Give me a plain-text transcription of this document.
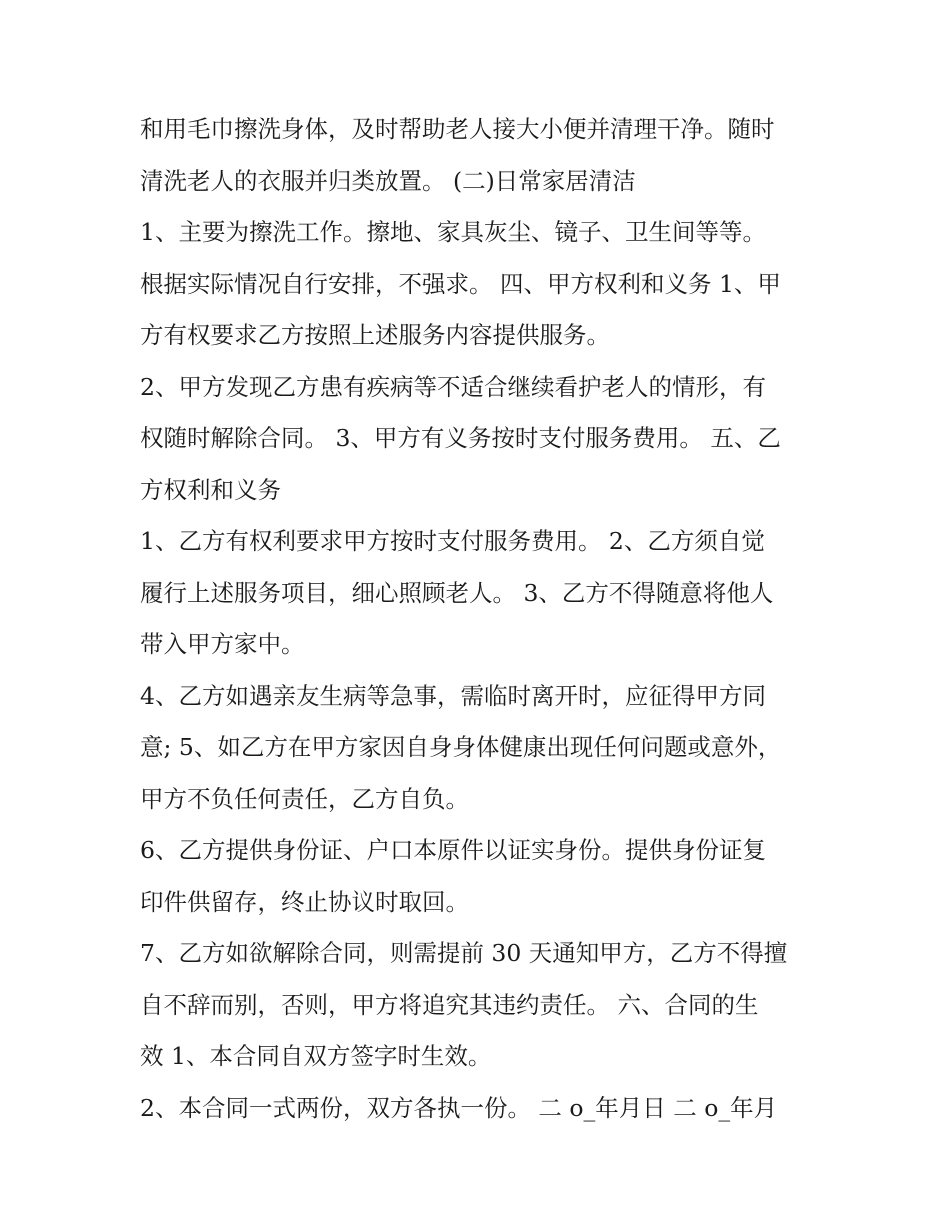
和用毛巾擦洗身体，及时帮助老人接大小便并清理干净。随时
清洗老人的衣服并归类放置。 (二)日常家居清洁

1、主要为擦洗工作。擦地、家具灰尘、镜子、卫生间等等。
根据实际情况自行安排，不强求。 四、甲方权利和义务 1、甲
方有权要求乙方按照上述服务内容提供服务。

2、甲方发现乙方患有疾病等不适合继续看护老人的情形，有
权随时解除合同。 3、甲方有义务按时支付服务费用。 五、乙
方权利和义务

1、乙方有权利要求甲方按时支付服务费用。 2、乙方须自觉
履行上述服务项目，细心照顾老人。 3、乙方不得随意将他人
带入甲方家中。

4、乙方如遇亲友生病等急事，需临时离开时，应征得甲方同
意; 5、如乙方在甲方家因自身身体健康出现任何问题或意外，
甲方不负任何责任，乙方自负。

6、乙方提供身份证、户口本原件以证实身份。提供身份证复
印件供留存，终止协议时取回。

7、乙方如欲解除合同，则需提前 30 天通知甲方，乙方不得擅
自不辞而别，否则，甲方将追究其违约责任。 六、合同的生
效 1、本合同自双方签字时生效。

2、本合同一式两份，双方各执一份。 二 o_年月日 二 o_年月
